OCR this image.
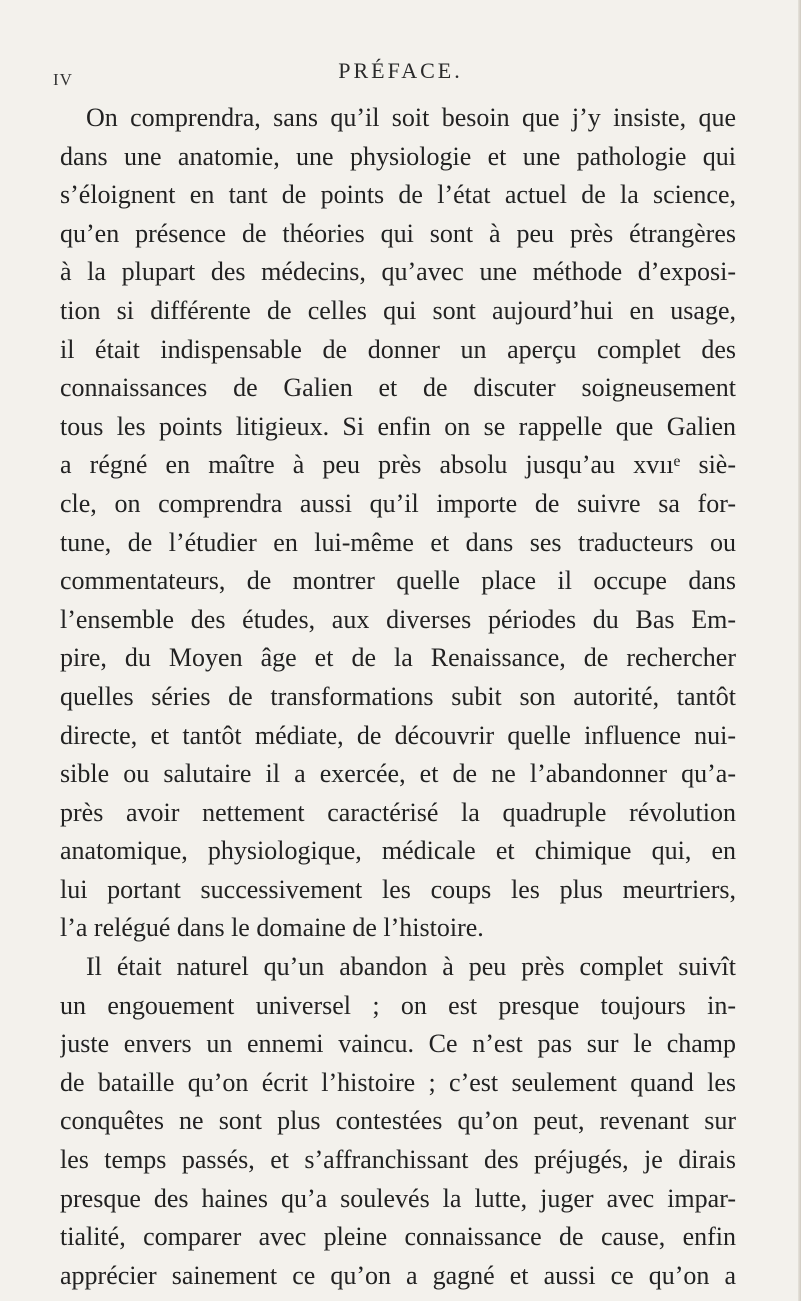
IV	PRÉFACE.
On comprendra, sans qu’il soit besoin que j’y insiste, que
dans une anatomie, une physiologie et une pathologie qui
s’éloignent en tant de points de l’état actuel de la science,
qu’en présence de théories qui sont à peu près étrangères
à la plupart des médecins, qu’avec une méthode d’exposi-
tion si différente de celles qui sont aujourd’hui en usage,
il était indispensable de donner un aperçu complet des
connaissances de Galien et de discuter soigneusement
tous les points litigieux. Si enfin on se rappelle que Galien
a régné en maître à peu près absolu jusqu’au xvııᵉ siè-
cle, on comprendra aussi qu’il importe de suivre sa for-
tune, de l’étudier en lui-même et dans ses traducteurs ou
commentateurs, de montrer quelle place il occupe dans
l’ensemble des études, aux diverses périodes du Bas Em-
pire, du Moyen âge et de la Renaissance, de rechercher
quelles séries de transformations subit son autorité, tantôt
directe, et tantôt médiate, de découvrir quelle influence nui-
sible ou salutaire il a exercée, et de ne l’abandonner qu’a-
près avoir nettement caractérisé la quadruple révolution
anatomique, physiologique, médicale et chimique qui, en
lui portant successivement les coups les plus meurtriers,
l’a relégué dans le domaine de l’histoire.
Il était naturel qu’un abandon à peu près complet suivît
un engouement universel ; on est presque toujours in-
juste envers un ennemi vaincu. Ce n’est pas sur le champ
de bataille qu’on écrit l’histoire ; c’est seulement quand les
conquêtes ne sont plus contestées qu’on peut, revenant sur
les temps passés, et s’affranchissant des préjugés, je dirais
presque des haines qu’a soulevés la lutte, juger avec impar-
tialité, comparer avec pleine connaissance de cause, enfin
apprécier sainement ce qu’on a gagné et aussi ce qu’on a
